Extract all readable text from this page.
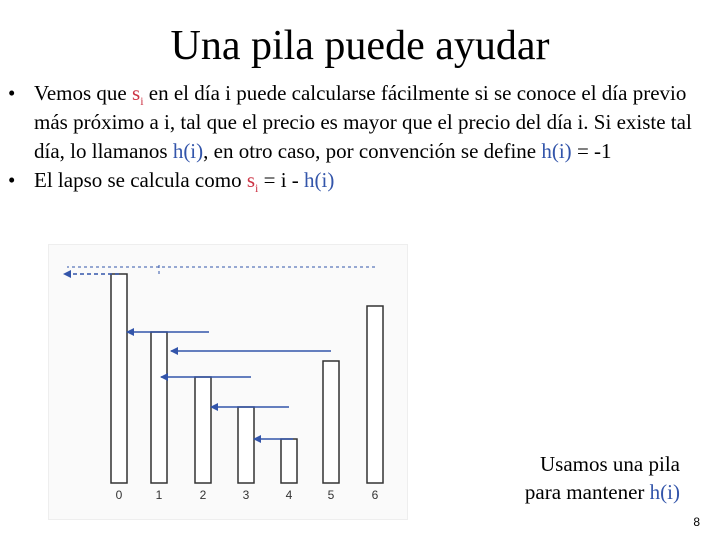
Una pila puede ayudar
• Vemos que $s_i$ en el día i puede calcularse fácilmente si se conoce el día previo más próximo a i, tal que el precio es mayor que el precio del día i. Si existe tal día, lo llamanos h(i), en otro caso, por convención se define h(i) = -1
• El lapso se calcula como $s_i = i - h(i)$
0	1	2	3	4	5	6
Usamos una pila
para mantener h(i)
8
